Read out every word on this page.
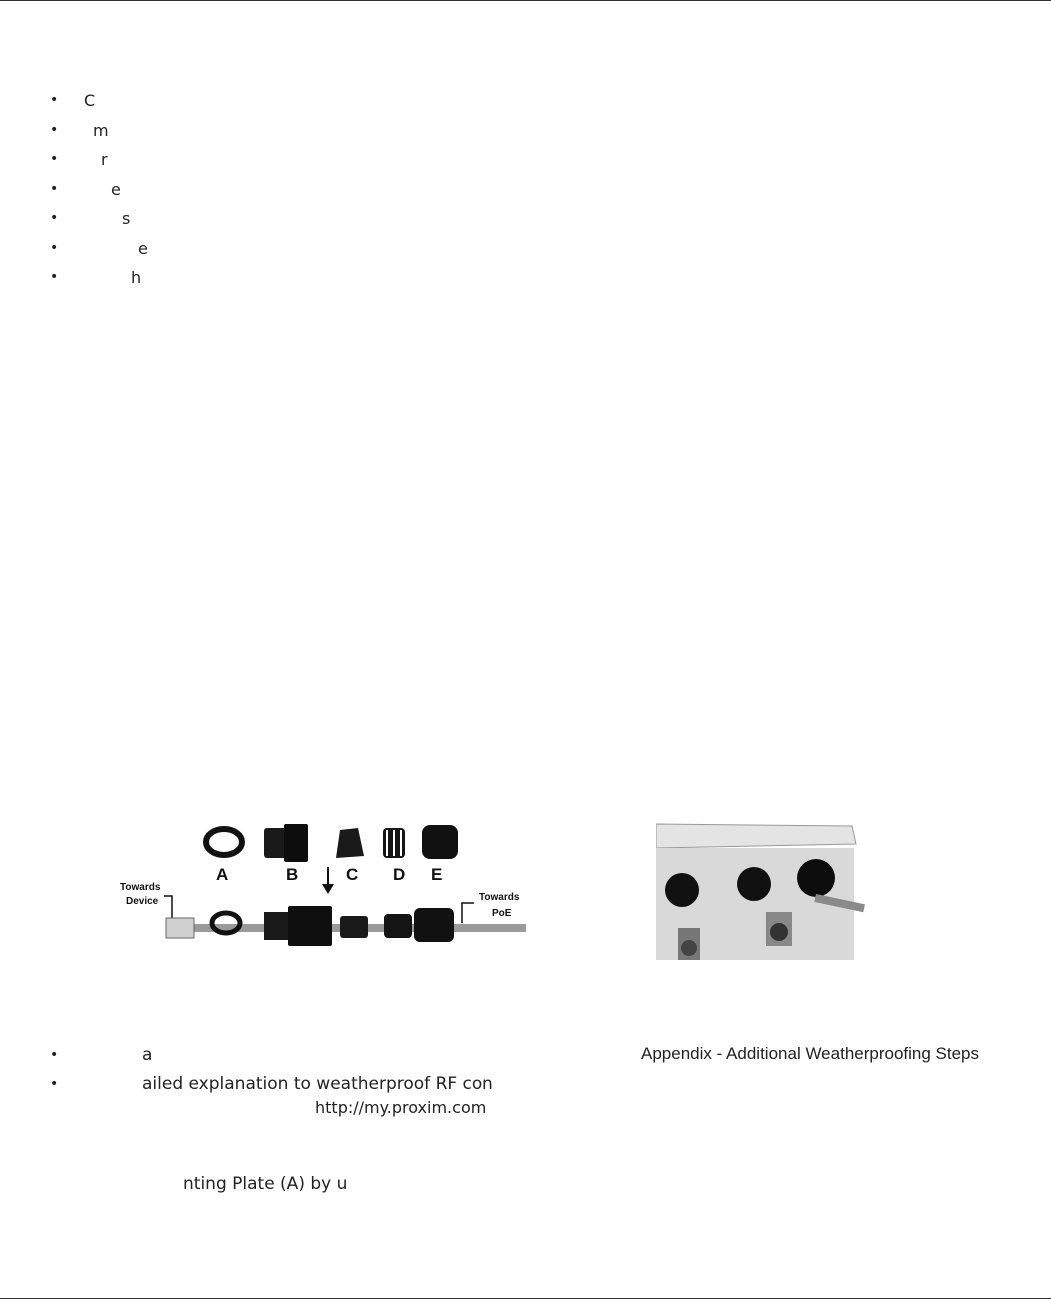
• C
• m
•	r
•	e
•	s
•	e
•	h
A	B	C D E
Towards
Device	Towards
PoE
•	a	Appendix - Additional Weatherproofing Steps
•	ailed explanation to weatherproof RF co n
http://my.proxim.com
nting Plate (A) by u
